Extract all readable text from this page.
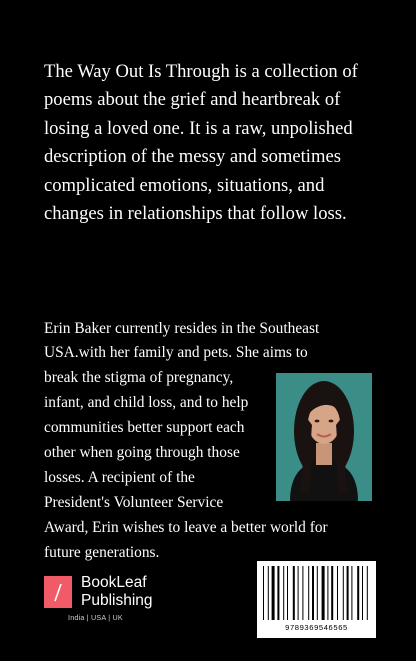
The Way Out Is Through is a collection of poems about the grief and heartbreak of losing a loved one. It is a raw, unpolished description of the messy and sometimes complicated emotions, situations, and changes in relationships that follow loss.

Erin Baker currently resides in the Southeast

USA.with her family and pets. She aims to

break the stigma of pregnancy,

infant, and child loss, and to help

communities better support each

other when going through those

losses. A recipient of the

President's Volunteer Service

Award, Erin wishes to leave a better world for

future generations.

BookLeaf

Publishing

India | USA | UK

9789369546565
